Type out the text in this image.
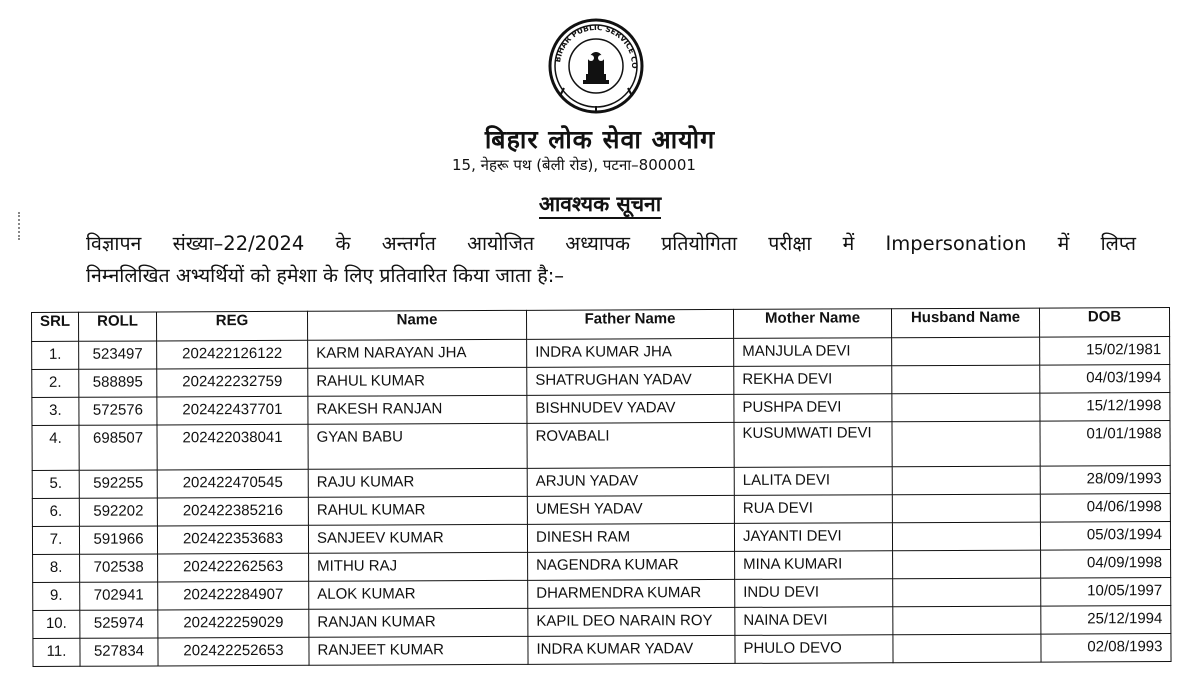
BIHAR PUBLIC SERVICE CO
बिहार लोक सेवा आयोग
15, नेहरू पथ (बेली रोड), पटना–800001
आवश्यक सूचना
विज्ञापन संख्या–22/2024 के अन्तर्गत आयोजित अध्यापक प्रतियोगिता परीक्षा में Impersonation में लिप्त
निम्नलिखित अभ्यर्थियों को हमेशा के लिए प्रतिवारित किया जाता है:–
SRL	ROLL	REG	Name	Father Name	Mother Name	Husband Name	DOB
1.	523497	202422126122	KARM NARAYAN JHA	INDRA KUMAR JHA	MANJULA DEVI		15/02/1981
2.	588895	202422232759	RAHUL KUMAR	SHATRUGHAN YADAV	REKHA DEVI		04/03/1994
3.	572576	202422437701	RAKESH RANJAN	BISHNUDEV YADAV	PUSHPA DEVI		15/12/1998
4.	698507	202422038041	GYAN BABU	ROVABALI	KUSUMWATI DEVI		01/01/1988
5.	592255	202422470545	RAJU KUMAR	ARJUN YADAV	LALITA DEVI		28/09/1993
6.	592202	202422385216	RAHUL KUMAR	UMESH YADAV	RUA DEVI		04/06/1998
7.	591966	202422353683	SANJEEV KUMAR	DINESH RAM	JAYANTI DEVI		05/03/1994
8.	702538	202422262563	MITHU RAJ	NAGENDRA KUMAR	MINA KUMARI		04/09/1998
9.	702941	202422284907	ALOK KUMAR	DHARMENDRA KUMAR	INDU DEVI		10/05/1997
10.	525974	202422259029	RANJAN KUMAR	KAPIL DEO NARAIN ROY	NAINA DEVI		25/12/1994
11.	527834	202422252653	RANJEET KUMAR	INDRA KUMAR YADAV	PHULO DEVO		02/08/1993
